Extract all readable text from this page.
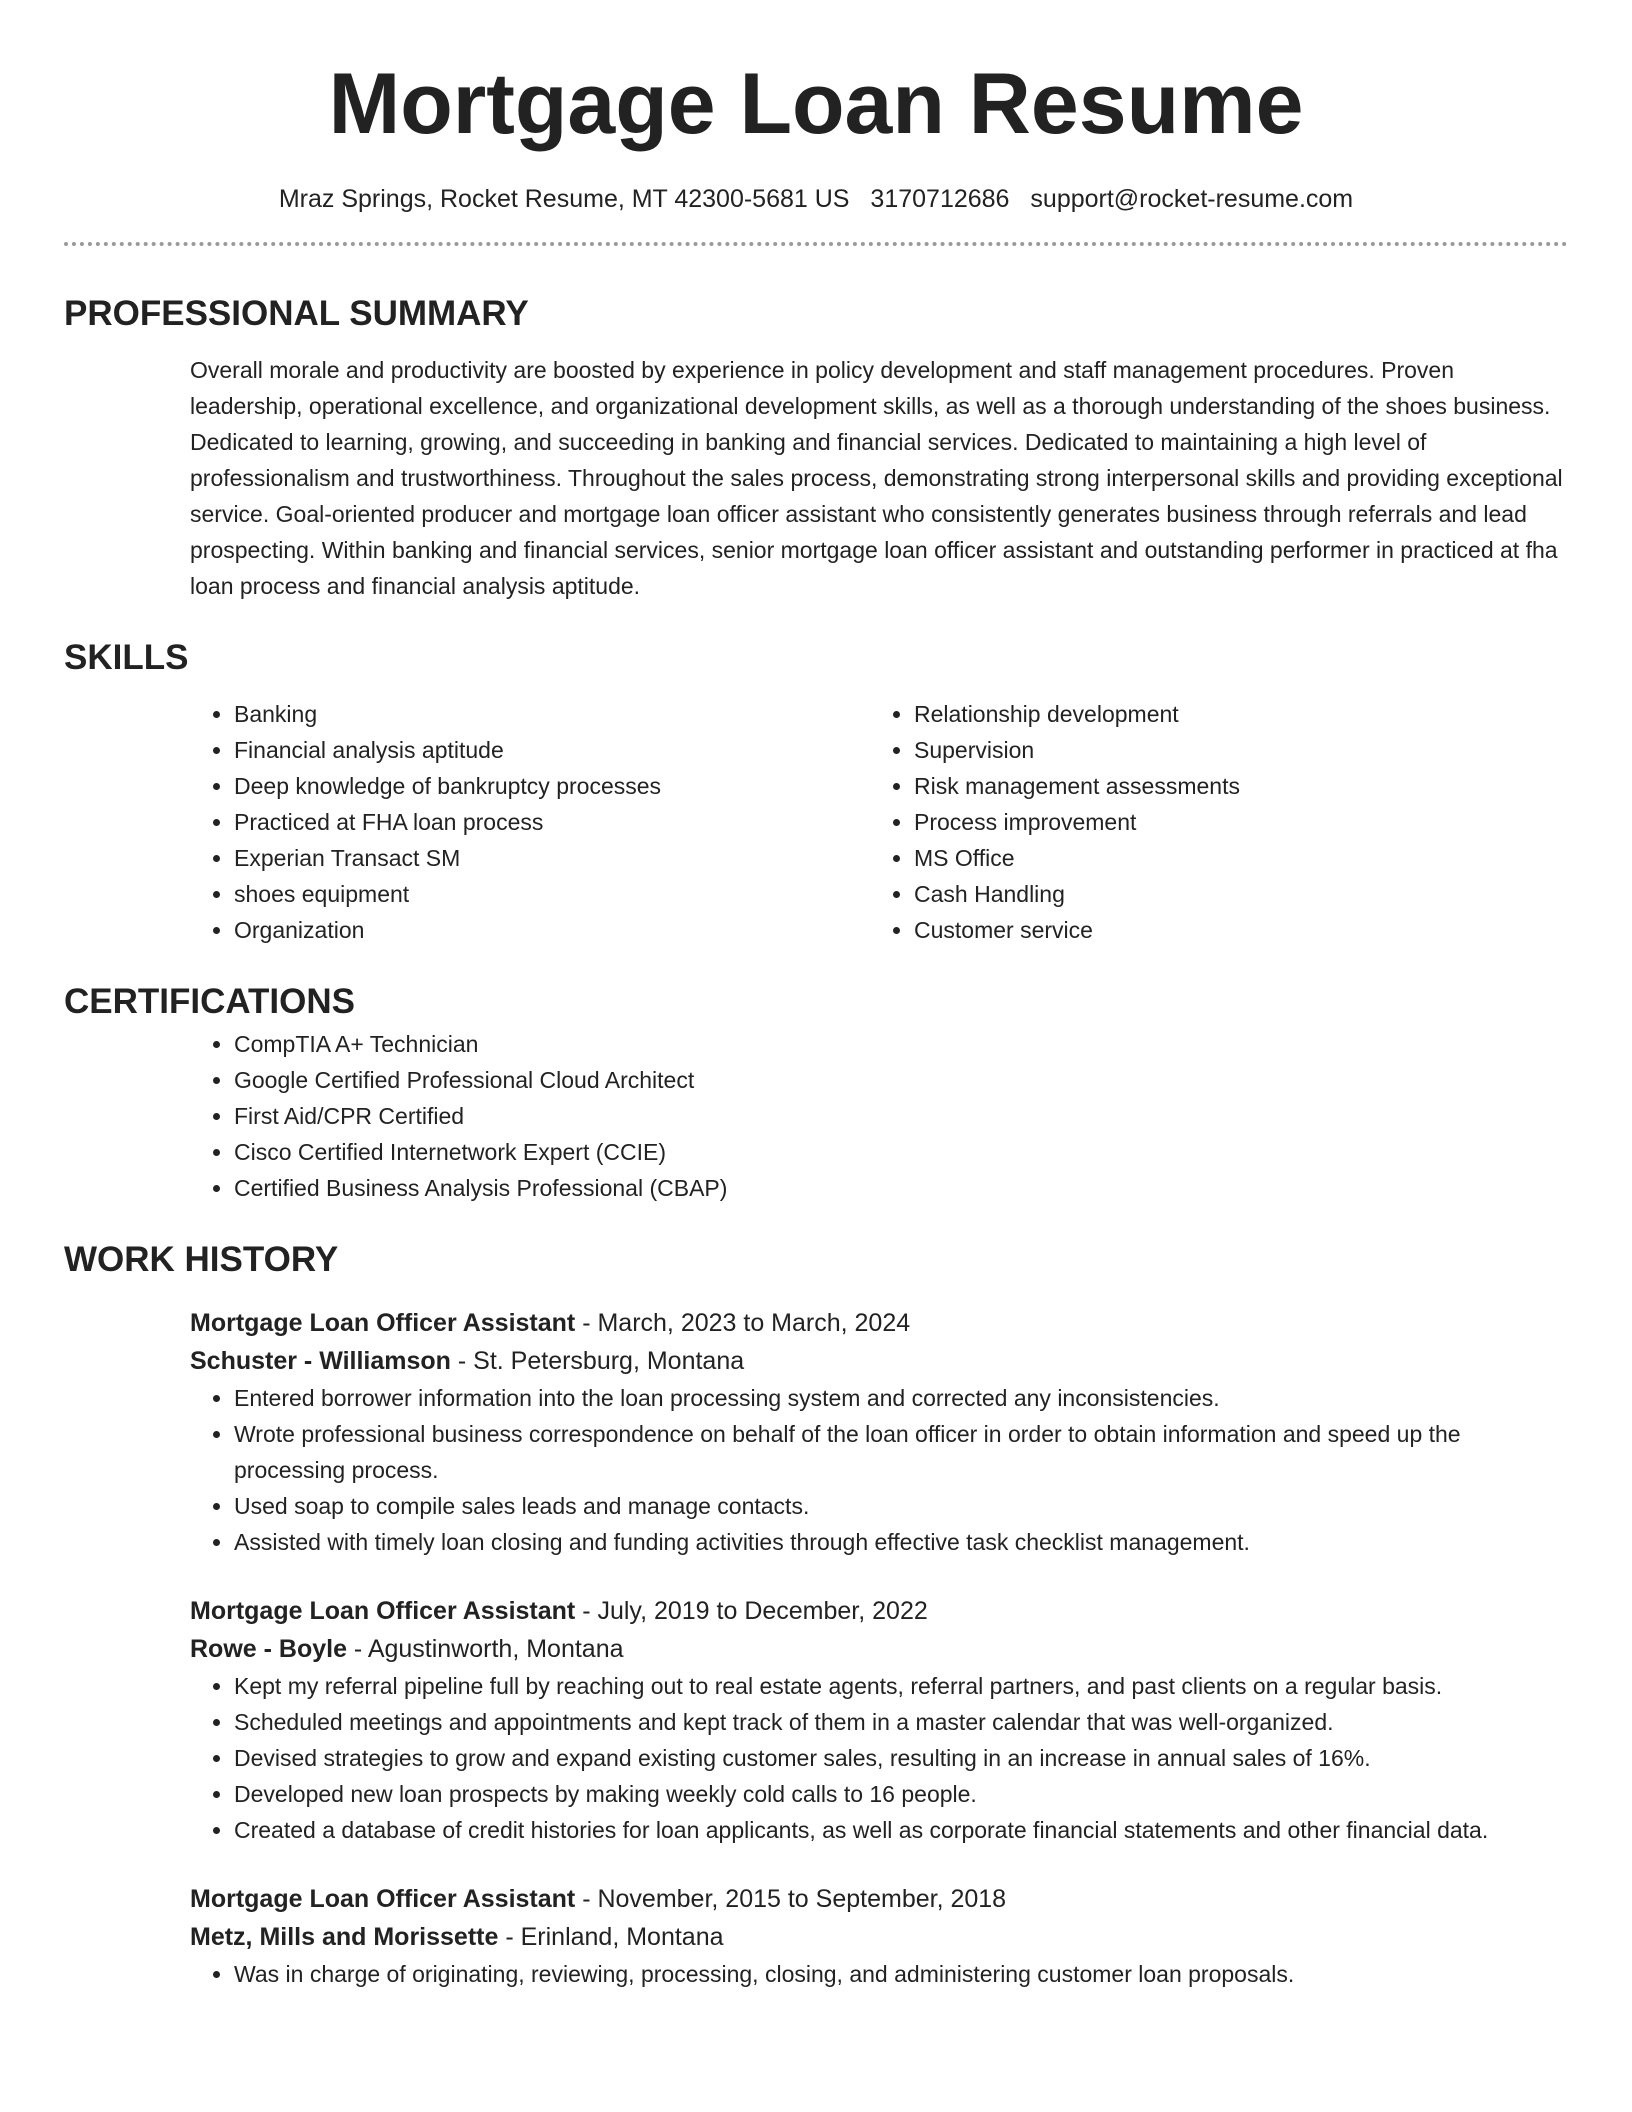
Mortgage Loan Resume
Mraz Springs, Rocket Resume, MT 42300-5681 US 3170712686 support@rocket-resume.com
PROFESSIONAL SUMMARY

Overall morale and productivity are boosted by experience in policy development and staff management procedures. Proven leadership, operational excellence, and organizational development skills, as well as a thorough understanding of the shoes business. Dedicated to learning, growing, and succeeding in banking and financial services. Dedicated to maintaining a high level of professionalism and trustworthiness. Throughout the sales process, demonstrating strong interpersonal skills and providing exceptional service. Goal-oriented producer and mortgage loan officer assistant who consistently generates business through referrals and lead prospecting. Within banking and financial services, senior mortgage loan officer assistant and outstanding performer in practiced at fha loan process and financial analysis aptitude.

SKILLS
• Banking
• Financial analysis aptitude
• Deep knowledge of bankruptcy processes
• Practiced at FHA loan process
• Experian Transact SM
• shoes equipment
• Organization
• Relationship development
• Supervision
• Risk management assessments
• Process improvement
• MS Office
• Cash Handling
• Customer service
CERTIFICATIONS
• CompTIA A+ Technician
• Google Certified Professional Cloud Architect
• First Aid/CPR Certified
• Cisco Certified Internetwork Expert (CCIE)
• Certified Business Analysis Professional (CBAP)
WORK HISTORY
Mortgage Loan Officer Assistant - March, 2023 to March, 2024
Schuster - Williamson - St. Petersburg, Montana
• Entered borrower information into the loan processing system and corrected any inconsistencies.
• Wrote professional business correspondence on behalf of the loan officer in order to obtain information and speed up the processing process.
• Used soap to compile sales leads and manage contacts.
• Assisted with timely loan closing and funding activities through effective task checklist management.
Mortgage Loan Officer Assistant - July, 2019 to December, 2022
Rowe - Boyle - Agustinworth, Montana
• Kept my referral pipeline full by reaching out to real estate agents, referral partners, and past clients on a regular basis.
• Scheduled meetings and appointments and kept track of them in a master calendar that was well-organized.
• Devised strategies to grow and expand existing customer sales, resulting in an increase in annual sales of 16%.
• Developed new loan prospects by making weekly cold calls to 16 people.
• Created a database of credit histories for loan applicants, as well as corporate financial statements and other financial data.
Mortgage Loan Officer Assistant - November, 2015 to September, 2018
Metz, Mills and Morissette - Erinland, Montana
• Was in charge of originating, reviewing, processing, closing, and administering customer loan proposals.
